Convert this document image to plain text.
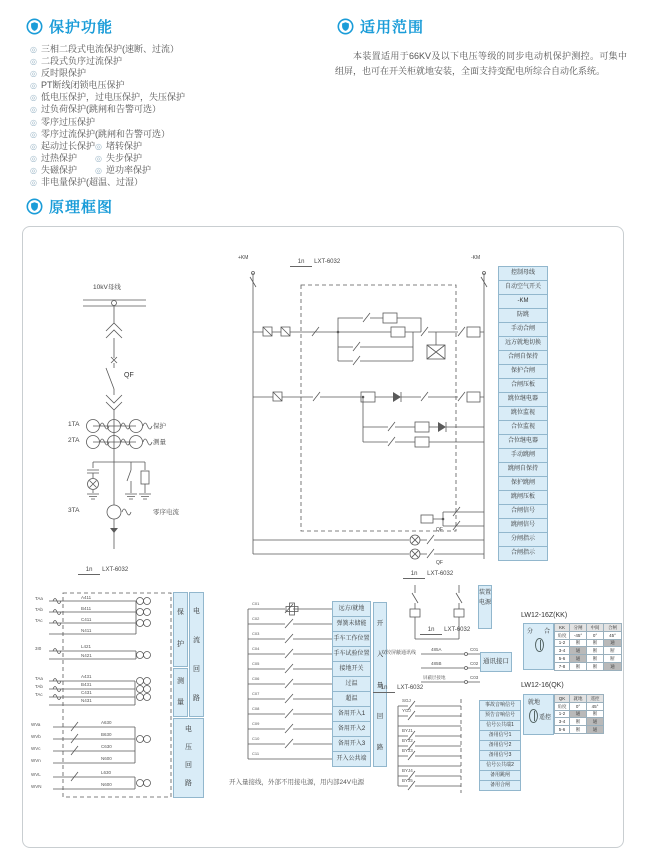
保护功能	适用范围
原理框图
◎ 三相二段式电流保护(速断、过流）
◎ 二段式负序过流保护
◎ 反时限保护
◎ PT断线闭锁电压保护
◎ 低电压保护，过电压保护，失压保护
◎ 过负荷保护(跳闸和告警可选）
◎ 零序过压保护
◎ 零序过流保护(跳闸和告警可选）
◎ 起动过长保护	◎ 堵转保护
◎ 过热保护	◎ 失步保护
◎ 失磁保护	◎ 逆功率保护
◎ 非电量保护(超温、过湿）

本装置适用于66KV及以下电压等级的同步电动机保护测控。可集中组屏，也可在开关柜就地安装，全面支持变配电所综合自动化系统。

10kV母线
QF
1TA
2TA
3TA
保护
测量
零序电流
+KM	-KM
QF
QF
1n LXT-6032
控制母线
自动空气开关
-KM
防跳
手动合闸
远方就地切换
合闸自保持
保护合闸
合闸压板
跳位继电器
跳位监视
合位监视
合位继电器
手动跳闸
跳闸自保持
保护跳闸
跳闸压板
合闸信号
跳闸信号
分闸指示
合闸指示
1n LXT-6032
TAa
TAb
TAc
3I0
TAa
TAb
TAc
WVa
WVb
WVc
WVn
WVL
WVN
A411
B411
C411
N411
L421
N421
A431
B431
C431
N431
A630
B630
C630
N600
L630
N600
保护
测量
电流回路
电压回路
C01
C02
C03
C04
C05
C06
C07
C08
C09
C10
C11
远方/就地
弹簧未储能
手车工作位置
手车试验位置
接地开关
过温
超温
备用开入1
备用开入2
备用开入3
开入公共端
开入量回路
开入量接线，外部不用接电源，用内部24V电源
1n LXT-6032
装置电源
1n LXT-6032
双绞屏蔽通讯线
485A
485B
屏蔽层接地
C01
C02
C03
通讯接口
1n LXT-6032
SGJ
YGJ
BYJ1
BYJ2
BYJ3
BYJ4
BYJ5
事故音响信号
预告音响信号
信号公共端1
备用信号1
备用信号2
备用信号3
信号公共端2
备用跳闸
备用合闸
LW12-16Z(KK)
分 合
KK	分闸	中间	合闸
角度	-45°	0°	45°
1-2	断	断	通
3-4	通	断	断
5-6	通	断	断
7-8	断	断	通
LW12-16(QK)
就地
遥控
QK	就地	遥控
角度	0°	45°
1-2	通	断
3-4	断	通
5-6	断	通
